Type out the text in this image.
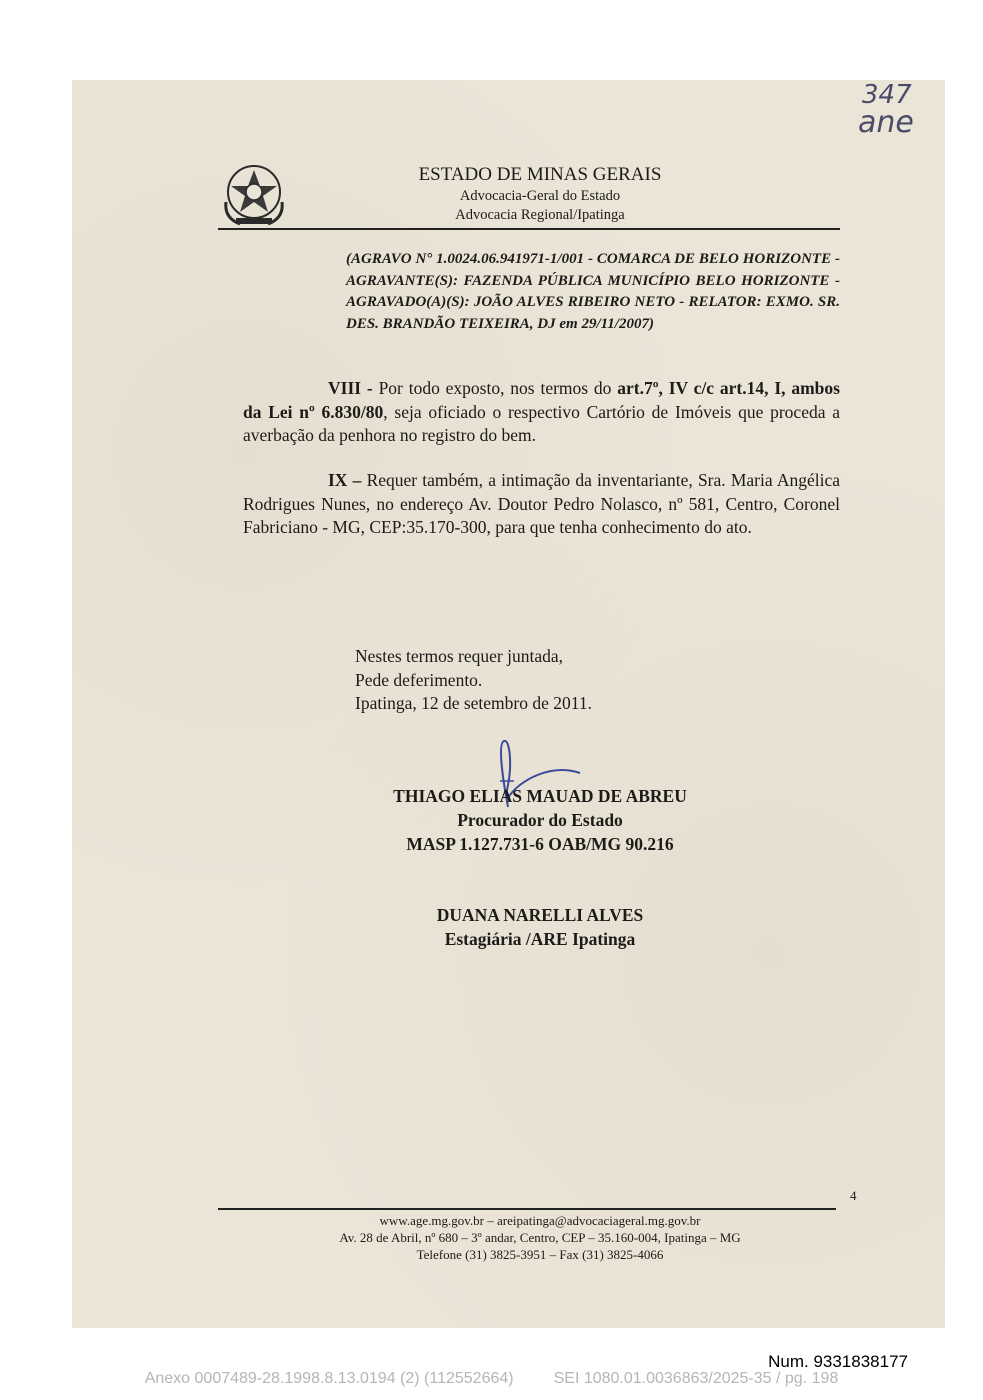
347
ane
ESTADO DE MINAS GERAIS
Advocacia-Geral do Estado
Advocacia Regional/Ipatinga
(AGRAVO N° 1.0024.06.941971-1/001 - COMARCA DE BELO HORIZONTE - AGRAVANTE(S): FAZENDA PÚBLICA MUNICÍPIO BELO HORIZONTE - AGRAVADO(A)(S): JOÃO ALVES RIBEIRO NETO - RELATOR: EXMO. SR. DES. BRANDÃO TEIXEIRA, DJ em 29/11/2007)
VIII - Por todo exposto, nos termos do art.7º, IV c/c art.14, I, ambos da Lei nº 6.830/80, seja oficiado o respectivo Cartório de Imóveis que proceda a averbação da penhora no registro do bem.
IX – Requer também, a intimação da inventariante, Sra. Maria Angélica Rodrigues Nunes, no endereço Av. Doutor Pedro Nolasco, nº 581, Centro, Coronel Fabriciano - MG, CEP:35.170-300, para que tenha conhecimento do ato.
Nestes termos requer juntada,
Pede deferimento.
Ipatinga, 12 de setembro de 2011.
THIAGO ELIAS MAUAD DE ABREU
Procurador do Estado
MASP 1.127.731-6 OAB/MG 90.216
DUANA NARELLI ALVES
Estagiária /ARE Ipatinga
4
www.age.mg.gov.br – areipatinga@advocaciageral.mg.gov.br
Av. 28 de Abril, nº 680 – 3º andar, Centro, CEP – 35.160-004, Ipatinga – MG
Telefone (31) 3825-3951 – Fax (31) 3825-4066
Num. 9331838177
Anexo 0007489-28.1998.8.13.0194 (2) (112552664)	SEI 1080.01.0036863/2025-35 / pg. 198
